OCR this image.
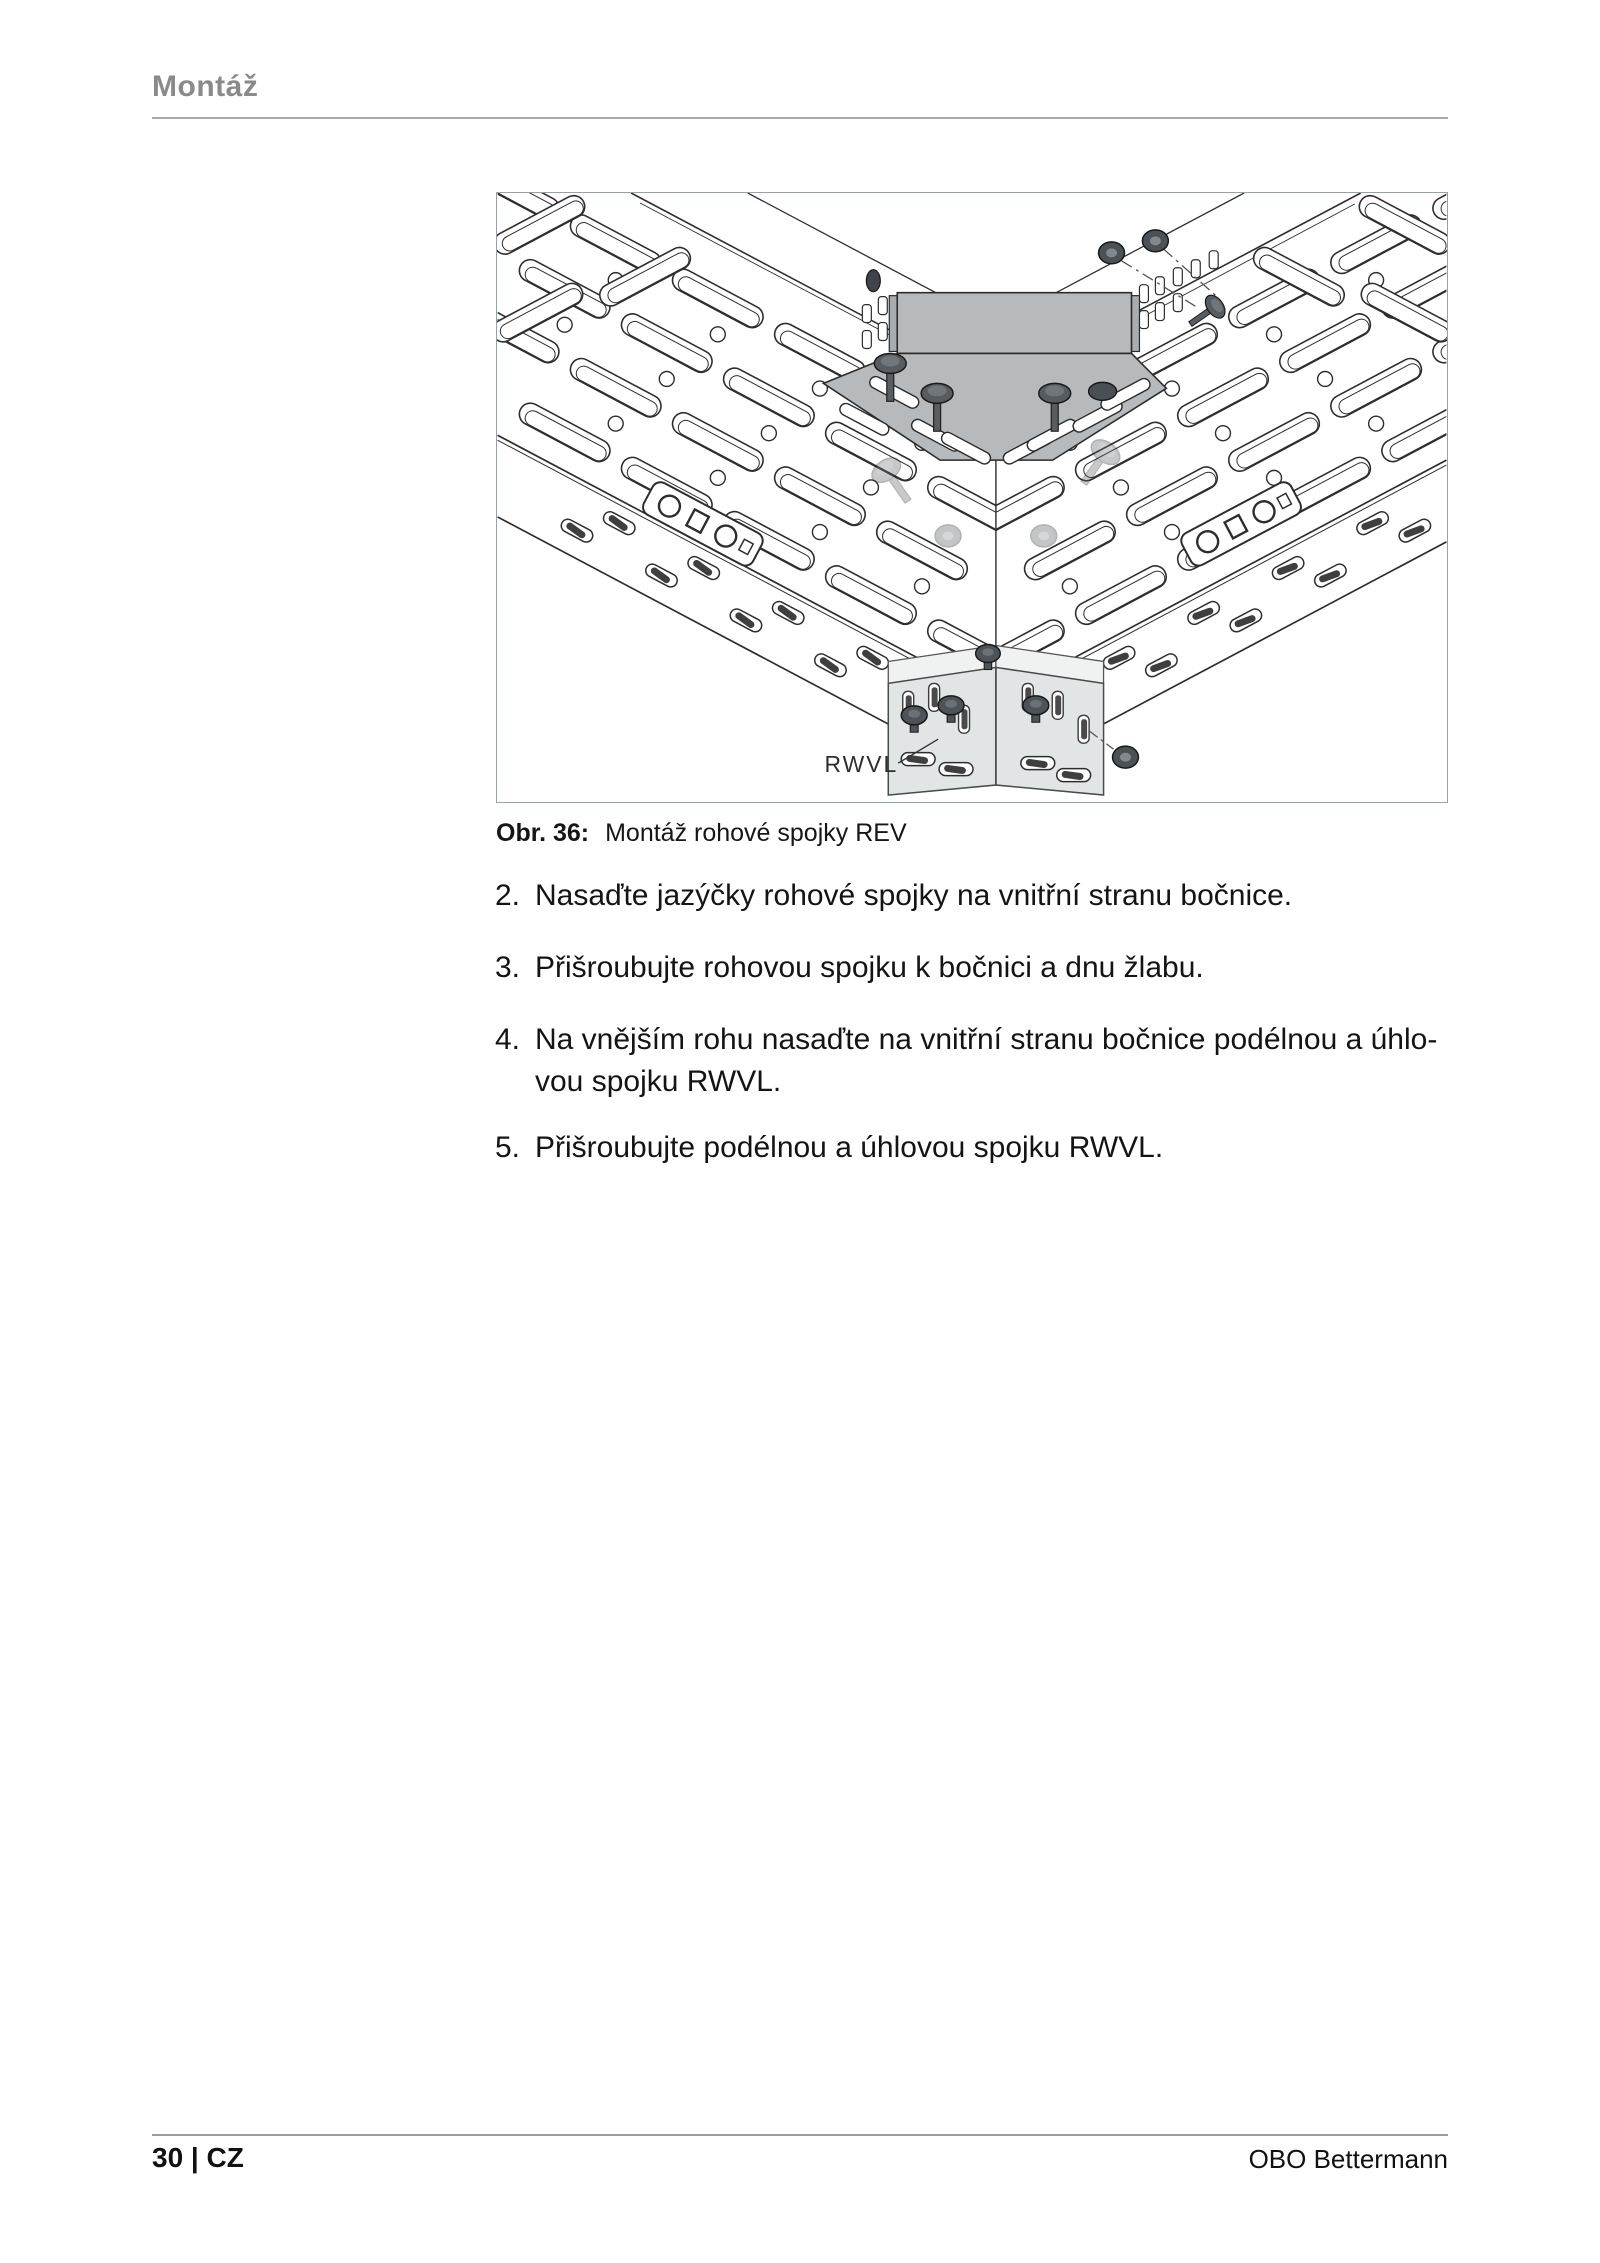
Montáž
RWVL
Obr. 36: Montáž rohové spojky REV
2. Nasaďte jazýčky rohové spojky na vnitřní stranu bočnice.
3. Přišroubujte rohovou spojku k bočnici a dnu žlabu.
4. Na vnějším rohu nasaďte na vnitřní stranu bočnice podélnou a úhlo-
vou spojku RWVL.
5. Přišroubujte podélnou a úhlovou spojku RWVL.
30 | CZ	OBO Bettermann
